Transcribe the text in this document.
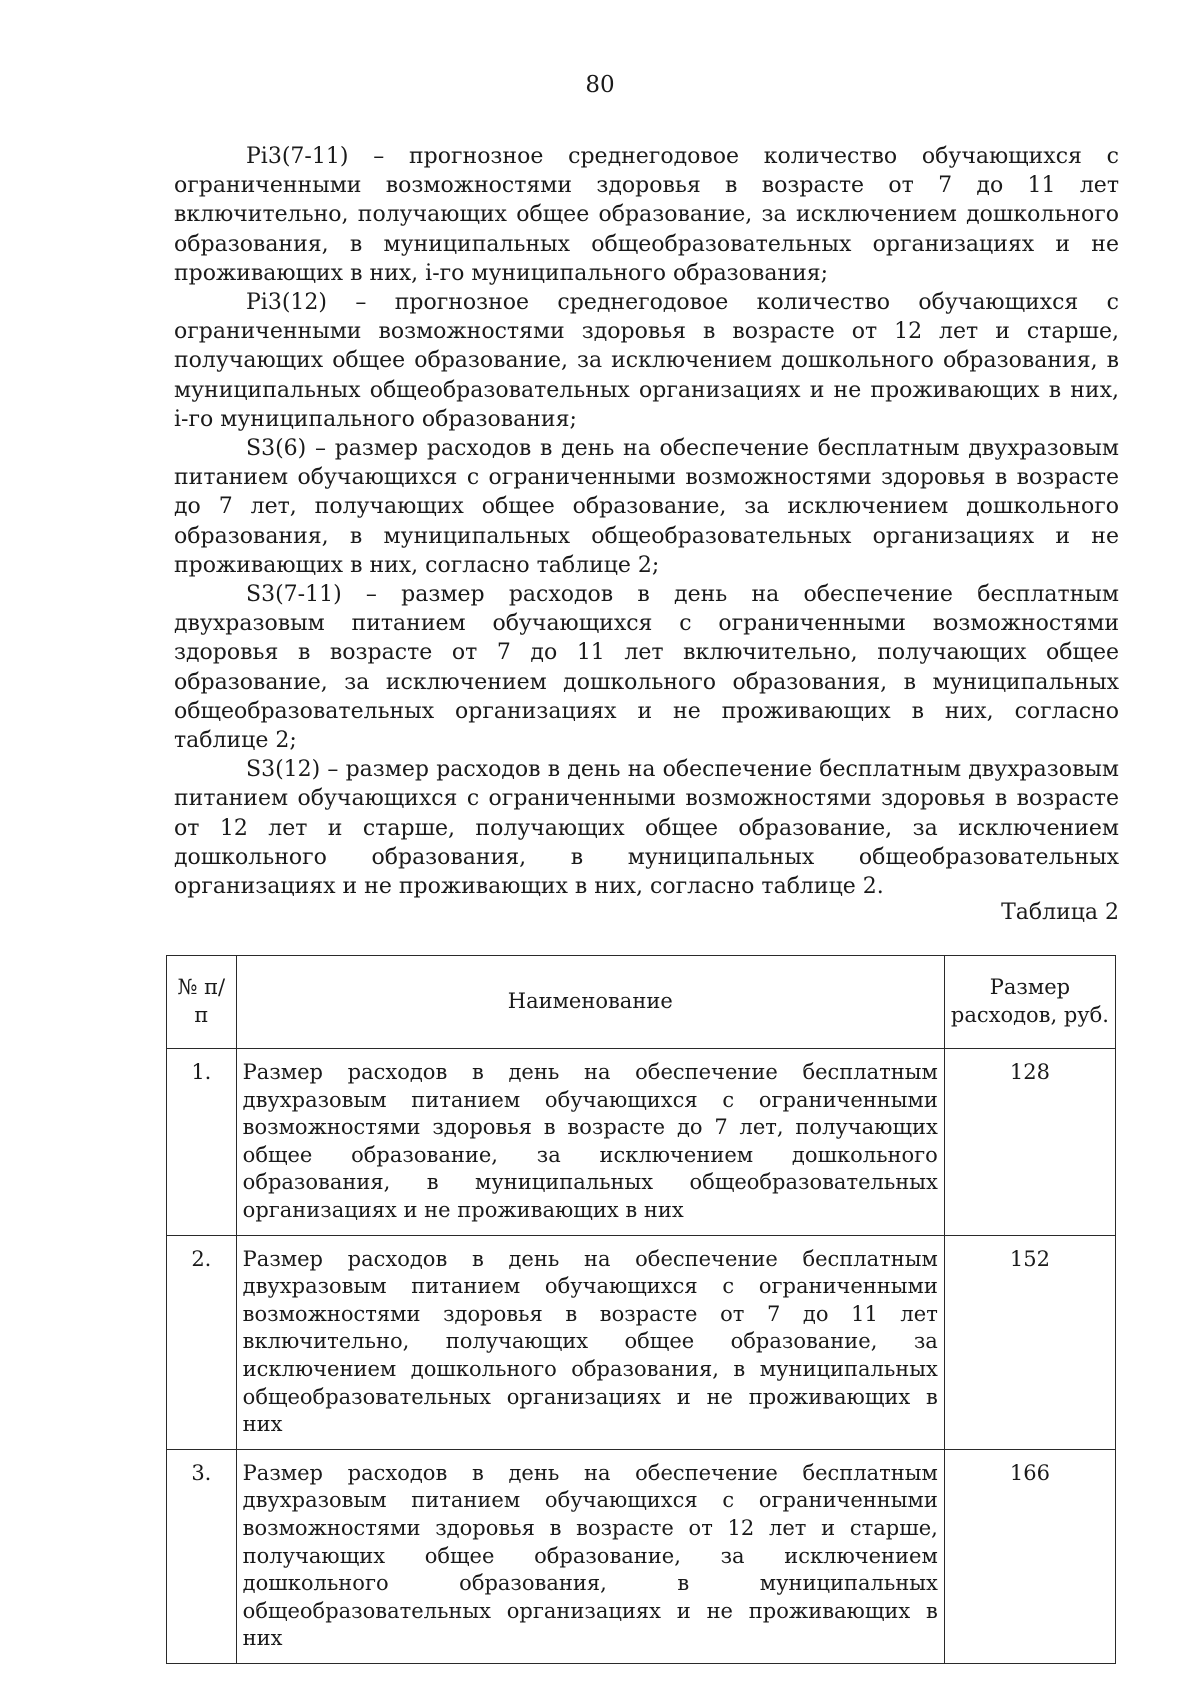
80

Pi3(7-11) – прогнозное среднегодовое количество обучающихся с ограниченными возможностями здоровья в возрасте от 7 до 11 лет включительно, получающих общее образование, за исключением дошкольного образования, в муниципальных общеобразовательных организациях и не проживающих в них, i-го муниципального образования;

Pi3(12) – прогнозное среднегодовое количество обучающихся с ограниченными возможностями здоровья в возрасте от 12 лет и старше, получающих общее образование, за исключением дошкольного образования, в муниципальных общеобразовательных организациях и не проживающих в них, i-го муниципального образования;

S3(6) – размер расходов в день на обеспечение бесплатным двухразовым питанием обучающихся с ограниченными возможностями здоровья в возрасте до 7 лет, получающих общее образование, за исключением дошкольного образования, в муниципальных общеобразовательных организациях и не проживающих в них, согласно таблице 2;

S3(7-11) – размер расходов в день на обеспечение бесплатным двухразовым питанием обучающихся с ограниченными возможностями здоровья в возрасте от 7 до 11 лет включительно, получающих общее образование, за исключением дошкольного образования, в муниципальных общеобразовательных организациях и не проживающих в них, согласно таблице 2;

S3(12) – размер расходов в день на обеспечение бесплатным двухразовым питанием обучающихся с ограниченными возможностями здоровья в возрасте от 12 лет и старше, получающих общее образование, за исключением дошкольного образования, в муниципальных общеобразовательных организациях и не проживающих в них, согласно таблице 2.

Таблица 2
№ п/п	Наименование	Размер расходов, руб.
1.	Размер расходов в день на обеспечение бесплатным двухразовым питанием обучающихся с ограниченными возможностями здоровья в возрасте до 7 лет, получающих общее образование, за исключением дошкольного образования, в муниципальных общеобразовательных организациях и не проживающих в них	128
2.	Размер расходов в день на обеспечение бесплатным двухразовым питанием обучающихся с ограниченными возможностями здоровья в возрасте от 7 до 11 лет включительно, получающих общее образование, за исключением дошкольного образования, в муниципальных общеобразовательных организациях и не проживающих в них	152
3.	Размер расходов в день на обеспечение бесплатным двухразовым питанием обучающихся с ограниченными возможностями здоровья в возрасте от 12 лет и старше, получающих общее образование, за исключением дошкольного образования, в муниципальных общеобразовательных организациях и не проживающих в них	166
